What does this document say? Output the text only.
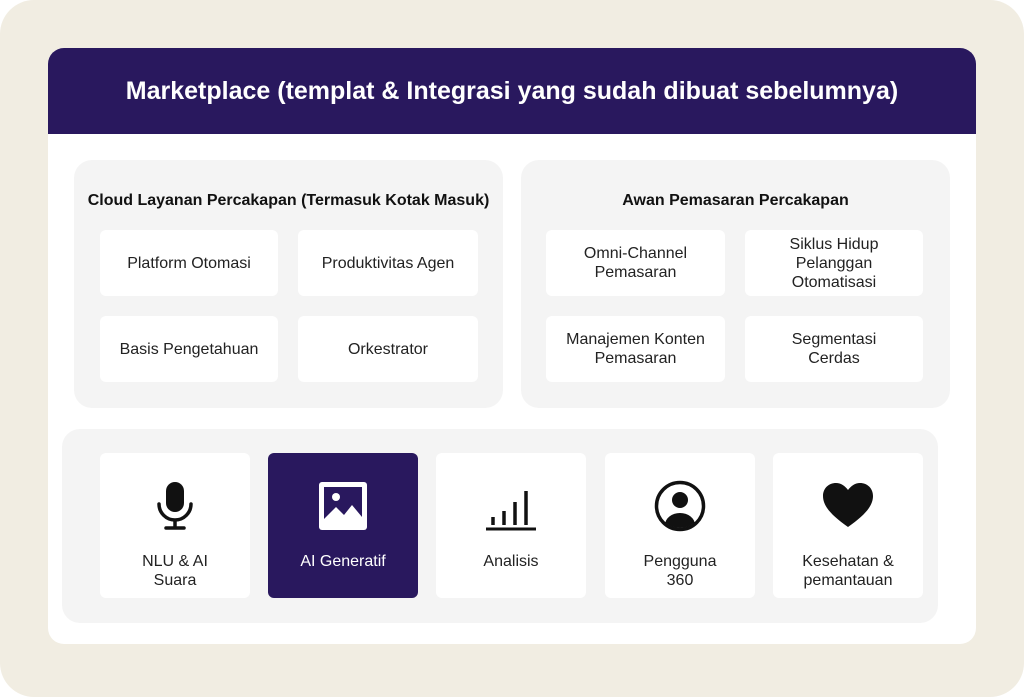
Marketplace (templat & Integrasi yang sudah dibuat sebelumnya)
Cloud Layanan Percakapan (Termasuk Kotak Masuk)
Platform Otomasi	Produktivitas Agen
Basis Pengetahuan	Orkestrator
Awan Pemasaran Percakapan
Omni-Channel
Pemasaran
Siklus Hidup
Pelanggan
Otomatisasi
Manajemen Konten
Pemasaran
Segmentasi
Cerdas
NLU & AI
Suara
AI Generatif	Analisis	Pengguna
360
Kesehatan &
pemantauan
